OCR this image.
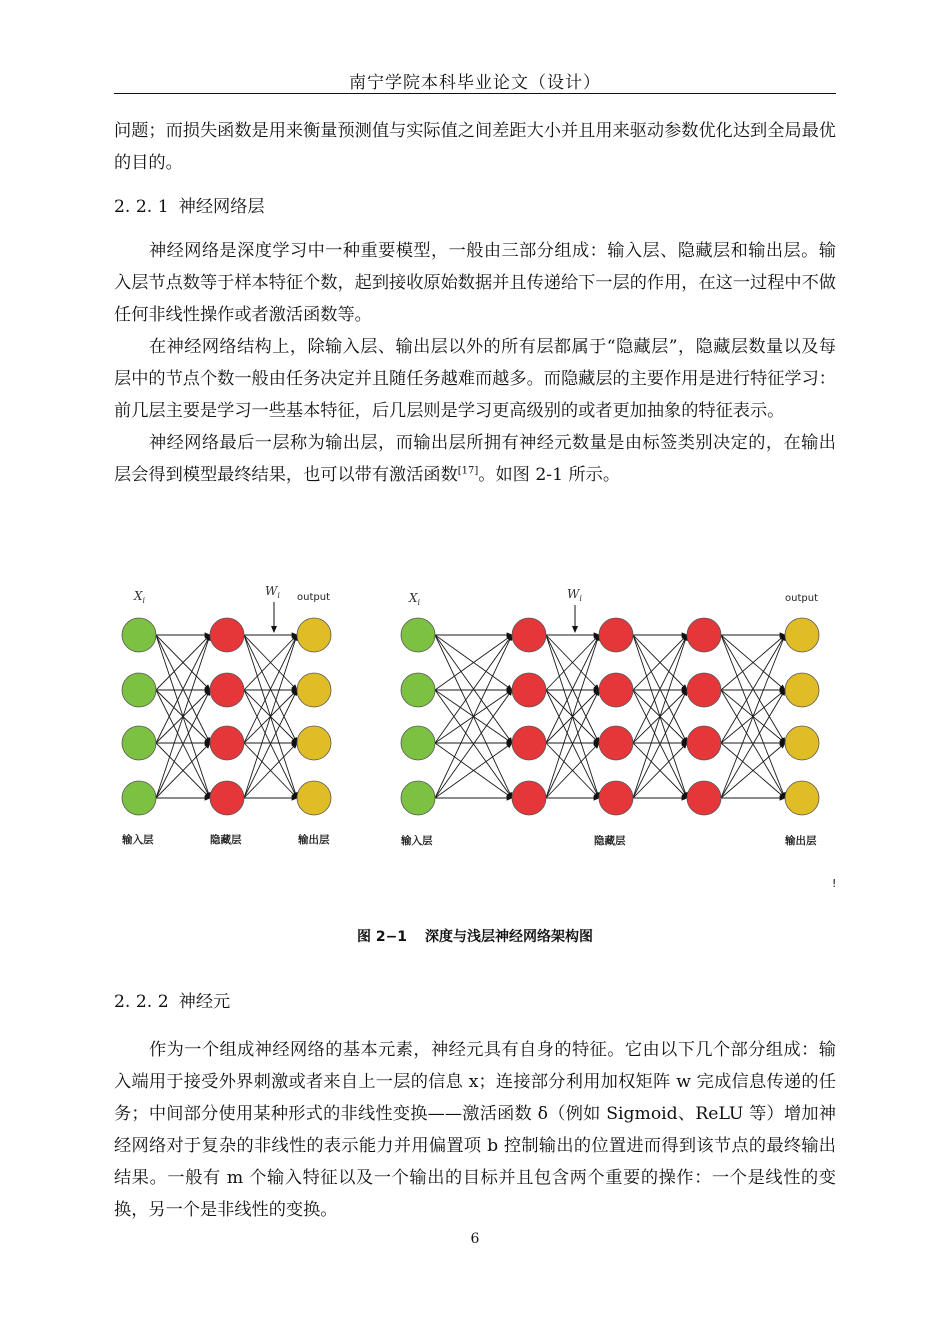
南宁学院本科毕业论文（设计）

问题；而损失函数是用来衡量预测值与实际值之间差距大小并且用来驱动参数优化达到全局最优的目的。

2. 2. 1 神经网络层

神经网络是深度学习中一种重要模型，一般由三部分组成：输入层、隐藏层和输出层。输入层节点数等于样本特征个数，起到接收原始数据并且传递给下一层的作用，在这一过程中不做任何非线性操作或者激活函数等。

在神经网络结构上，除输入层、输出层以外的所有层都属于“隐藏层”，隐藏层数量以及每层中的节点个数一般由任务决定并且随任务越难而越多。而隐藏层的主要作用是进行特征学习：前几层主要是学习一些基本特征，后几层则是学习更高级别的或者更加抽象的特征表示。

神经网络最后一层称为输出层，而输出层所拥有神经元数量是由标签类别决定的，在输出层会得到模型最终结果，也可以带有激活函数[17]。如图 2-1 所示。

$X_i$
$W_i$ output
输入层	隐藏层	输出层
$X_i$
$W_i$	output
输入层	隐藏层	输出层
!
图 2−1 深度与浅层神经网络架构图
2. 2. 2 神经元

作为一个组成神经网络的基本元素，神经元具有自身的特征。它由以下几个部分组成：输入端用于接受外界刺激或者来自上一层的信息 x；连接部分利用加权矩阵 w 完成信息传递的任务；中间部分使用某种形式的非线性变换——激活函数 δ（例如 Sigmoid、ReLU 等）增加神经网络对于复杂的非线性的表示能力并用偏置项 b 控制输出的位置进而得到该节点的最终输出结果。一般有 m 个输入特征以及一个输出的目标并且包含两个重要的操作：一个是线性的变换，另一个是非线性的变换。

6
